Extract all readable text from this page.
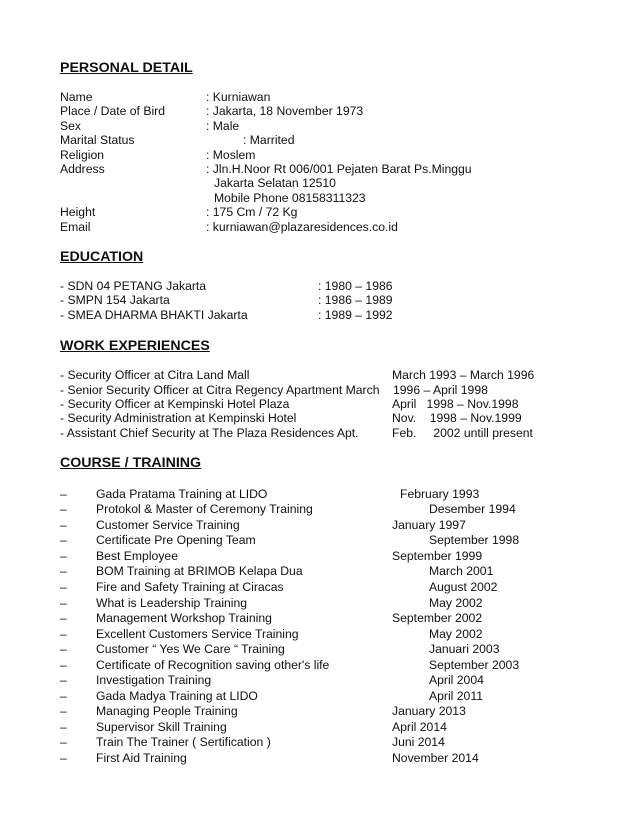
PERSONAL DETAIL
Name	: Kurniawan
Place / Date of Bird	: Jakarta, 18 November 1973
Sex	: Male
Marital Status	: Marrited
Religion	: Moslem
Address	: Jln.H.Noor Rt 006/001 Pejaten Barat Ps.Minggu
Jakarta Selatan 12510
Mobile Phone 08158311323
Height	: 175 Cm / 72 Kg
Email	: kurniawan@plazaresidences.co.id
EDUCATION
- SDN 04 PETANG Jakarta	: 1980 – 1986
- SMPN 154 Jakarta	: 1986 – 1989
- SMEA DHARMA BHAKTI Jakarta	: 1989 – 1992
WORK EXPERIENCES
- Security Officer at Citra Land Mall	March 1993 – March 1996
- Senior Security Officer at Citra Regency Apartment March 1996 – April 1998
- Security Officer at Kempinski Hotel Plaza	April   1998 – Nov.1998
- Security Administration at Kempinski Hotel	Nov.    1998 – Nov.1999
- Assistant Chief Security at The Plaza Residences Apt.	Feb.     2002 untill present
COURSE / TRAINING
– Gada Pratama Training at LIDO	February 1993
– Protokol & Master of Ceremony Training	Desember 1994
– Customer Service Training	January 1997
– Certificate Pre Opening Team	September 1998
– Best Employee	September 1999
– BOM Training at BRIMOB Kelapa Dua	March 2001
– Fire and Safety Training at Ciracas	August 2002
– What is Leadership Training	May 2002
– Management Workshop Training	September 2002
– Excellent Customers Service Training	May 2002
– Customer “ Yes We Care “ Training	Januari 2003
– Certificate of Recognition saving other's life	September 2003
– Investigation Training	April 2004
– Gada Madya Training at LIDO	April 2011
– Managing People Training	January 2013
– Supervisor Skill Training	April 2014
– Train The Trainer ( Sertification )	Juni 2014
– First Aid Training	November 2014
